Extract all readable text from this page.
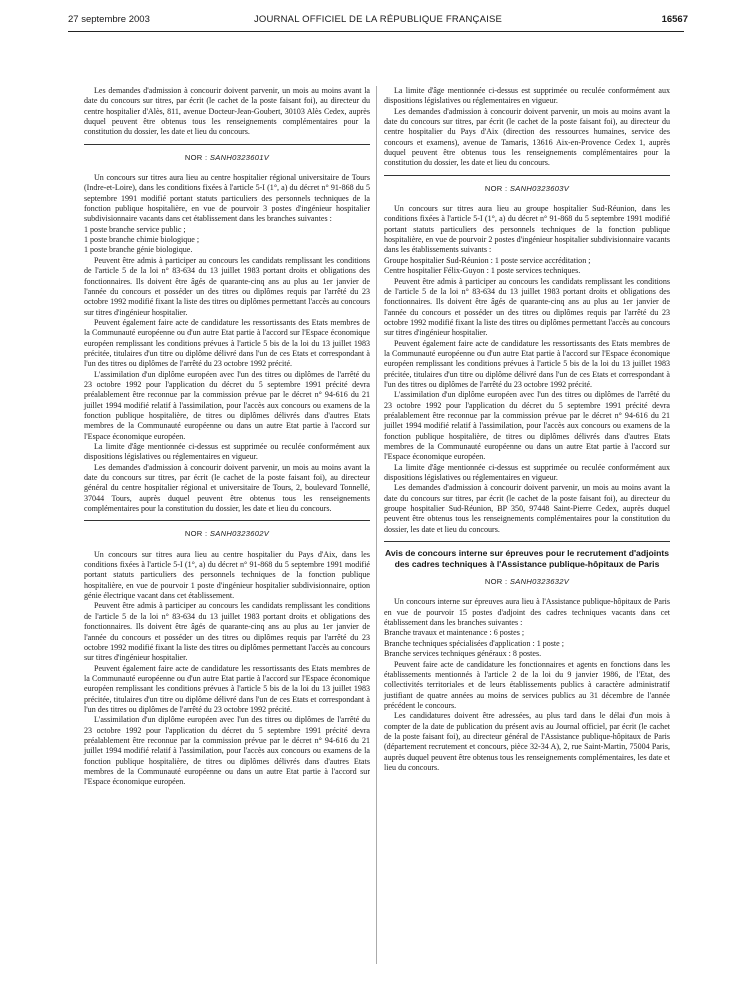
27 septembre 2003	JOURNAL OFFICIEL DE LA RÉPUBLIQUE FRANÇAISE	16567

Les demandes d'admission à concourir doivent parvenir, un mois au moins avant la date du concours sur titres, par écrit (le cachet de la poste faisant foi), au directeur du centre hospitalier d'Alès, 811, avenue Docteur-Jean-Goubert, 30103 Alès Cedex, auprès duquel peuvent être obtenus tous les renseignements complémentaires pour la constitution du dossier, les date et lieu du concours.

NOR : SANH0323601V

Un concours sur titres aura lieu au centre hospitalier régional universitaire de Tours (Indre-et-Loire), dans les conditions fixées à l'article 5-I (1°, a) du décret n° 91-868 du 5 septembre 1991 modifié portant statuts particuliers des personnels techniques de la fonction publique hospitalière, en vue de pourvoir 3 postes d'ingénieur hospitalier subdivisionnaire vacants dans cet établissement dans les branches suivantes :

1 poste branche service public ;

1 poste branche chimie biologique ;

1 poste branche génie biologique.

Peuvent être admis à participer au concours les candidats remplissant les conditions de l'article 5 de la loi n° 83-634 du 13 juillet 1983 portant droits et obligations des fonctionnaires. Ils doivent être âgés de quarante-cinq ans au plus au 1er janvier de l'année du concours et posséder un des titres ou diplômes requis par l'arrêté du 23 octobre 1992 modifié fixant la liste des titres ou diplômes permettant l'accès au concours sur titres d'ingénieur hospitalier.

Peuvent également faire acte de candidature les ressortissants des Etats membres de la Communauté européenne ou d'un autre Etat partie à l'accord sur l'Espace économique européen remplissant les conditions prévues à l'article 5 bis de la loi du 13 juillet 1983 précitée, titulaires d'un titre ou diplôme délivré dans l'un de ces Etats et correspondant à l'un des titres ou diplômes de l'arrêté du 23 octobre 1992 précité.

L'assimilation d'un diplôme européen avec l'un des titres ou diplômes de l'arrêté du 23 octobre 1992 pour l'application du décret du 5 septembre 1991 précité devra préalablement être reconnue par la commission prévue par le décret n° 94-616 du 21 juillet 1994 modifié relatif à l'assimilation, pour l'accès aux concours ou examens de la fonction publique hospitalière, de titres ou diplômes délivrés dans d'autres Etats membres de la Communauté européenne ou dans un autre Etat partie à l'accord sur l'Espace économique européen.

La limite d'âge mentionnée ci-dessus est supprimée ou reculée conformément aux dispositions législatives ou réglementaires en vigueur.

Les demandes d'admission à concourir doivent parvenir, un mois au moins avant la date du concours sur titres, par écrit (le cachet de la poste faisant foi), au directeur général du centre hospitalier régional et universitaire de Tours, 2, boulevard Tonnellé, 37044 Tours, auprès duquel peuvent être obtenus tous les renseignements complémentaires pour la constitution du dossier, les date et lieu du concours.

NOR : SANH0323602V

Un concours sur titres aura lieu au centre hospitalier du Pays d'Aix, dans les conditions fixées à l'article 5-I (1°, a) du décret n° 91-868 du 5 septembre 1991 modifié portant statuts particuliers des personnels techniques de la fonction publique hospitalière, en vue de pourvoir 1 poste d'ingénieur hospitalier subdivisionnaire, option génie électrique vacant dans cet établissement.

Peuvent être admis à participer au concours les candidats remplissant les conditions de l'article 5 de la loi n° 83-634 du 13 juillet 1983 portant droits et obligations des fonctionnaires. Ils doivent être âgés de quarante-cinq ans au plus au 1er janvier de l'année du concours et posséder un des titres ou diplômes requis par l'arrêté du 23 octobre 1992 modifié fixant la liste des titres ou diplômes permettant l'accès au concours sur titres d'ingénieur hospitalier.

Peuvent également faire acte de candidature les ressortissants des Etats membres de la Communauté européenne ou d'un autre Etat partie à l'accord sur l'Espace économique européen remplissant les conditions prévues à l'article 5 bis de la loi du 13 juillet 1983 précitée, titulaires d'un titre ou diplôme délivré dans l'un de ces Etats et correspondant à l'un des titres ou diplômes de l'arrêté du 23 octobre 1992 précité.

L'assimilation d'un diplôme européen avec l'un des titres ou diplômes de l'arrêté du 23 octobre 1992 pour l'application du décret du 5 septembre 1991 précité devra préalablement être reconnue par la commission prévue par le décret n° 94-616 du 21 juillet 1994 modifié relatif à l'assimilation, pour l'accès aux concours ou examens de la fonction publique hospitalière, de titres ou diplômes délivrés dans d'autres Etats membres de la Communauté européenne ou dans un autre Etat partie à l'accord sur l'Espace économique européen.

La limite d'âge mentionnée ci-dessus est supprimée ou reculée conformément aux dispositions législatives ou réglementaires en vigueur.

Les demandes d'admission à concourir doivent parvenir, un mois au moins avant la date du concours sur titres, par écrit (le cachet de la poste faisant foi), au directeur du centre hospitalier du Pays d'Aix (direction des ressources humaines, service des concours et examens), avenue de Tamaris, 13616 Aix-en-Provence Cedex 1, auprès duquel peuvent être obtenus tous les renseignements complémentaires pour la constitution du dossier, les date et lieu du concours.

NOR : SANH0323603V

Un concours sur titres aura lieu au groupe hospitalier Sud-Réunion, dans les conditions fixées à l'article 5-I (1°, a) du décret n° 91-868 du 5 septembre 1991 modifié portant statuts particuliers des personnels techniques de la fonction publique hospitalière, en vue de pourvoir 2 postes d'ingénieur hospitalier subdivisionnaire vacants dans les établissements suivants :

Groupe hospitalier Sud-Réunion : 1 poste service accréditation ;

Centre hospitalier Félix-Guyon : 1 poste services techniques.

Peuvent être admis à participer au concours les candidats remplissant les conditions de l'article 5 de la loi n° 83-634 du 13 juillet 1983 portant droits et obligations des fonctionnaires. Ils doivent être âgés de quarante-cinq ans au plus au 1er janvier de l'année du concours et posséder un des titres ou diplômes requis par l'arrêté du 23 octobre 1992 modifié fixant la liste des titres ou diplômes permettant l'accès au concours sur titres d'ingénieur hospitalier.

Peuvent également faire acte de candidature les ressortissants des Etats membres de la Communauté européenne ou d'un autre Etat partie à l'accord sur l'Espace économique européen remplissant les conditions prévues à l'article 5 bis de la loi du 13 juillet 1983 précitée, titulaires d'un titre ou diplôme délivré dans l'un de ces Etats et correspondant à l'un des titres ou diplômes de l'arrêté du 23 octobre 1992 précité.

L'assimilation d'un diplôme européen avec l'un des titres ou diplômes de l'arrêté du 23 octobre 1992 pour l'application du décret du 5 septembre 1991 précité devra préalablement être reconnue par la commission prévue par le décret n° 94-616 du 21 juillet 1994 modifié relatif à l'assimilation, pour l'accès aux concours ou examens de la fonction publique hospitalière, de titres ou diplômes délivrés dans d'autres Etats membres de la Communauté européenne ou dans un autre Etat partie à l'accord sur l'Espace économique européen.

La limite d'âge mentionnée ci-dessus est supprimée ou reculée conformément aux dispositions législatives ou réglementaires en vigueur.

Les demandes d'admission à concourir doivent parvenir, un mois au moins avant la date du concours sur titres, par écrit (le cachet de la poste faisant foi), au directeur du groupe hospitalier Sud-Réunion, BP 350, 97448 Saint-Pierre Cedex, auprès duquel peuvent être obtenus tous les renseignements complémentaires pour la constitution du dossier, les date et lieu du concours.

Avis de concours interne sur épreuves pour le recrutement d'adjoints des cadres techniques à l'Assistance publique-hôpitaux de Paris
NOR : SANH0323632V

Un concours interne sur épreuves aura lieu à l'Assistance publique-hôpitaux de Paris en vue de pourvoir 15 postes d'adjoint des cadres techniques vacants dans cet établissement dans les branches suivantes :

Branche travaux et maintenance : 6 postes ;

Branche techniques spécialisées d'application : 1 poste ;

Branche services techniques généraux : 8 postes.

Peuvent faire acte de candidature les fonctionnaires et agents en fonctions dans les établissements mentionnés à l'article 2 de la loi du 9 janvier 1986, de l'Etat, des collectivités territoriales et de leurs établissements publics à caractère administratif justifiant de quatre années au moins de services publics au 31 décembre de l'année précédent le concours.

Les candidatures doivent être adressées, au plus tard dans le délai d'un mois à compter de la date de publication du présent avis au Journal officiel, par écrit (le cachet de la poste faisant foi), au directeur général de l'Assistance publique-hôpitaux de Paris (département recrutement et concours, pièce 32-34 A), 2, rue Saint-Martin, 75004 Paris, auprès duquel peuvent être obtenus tous les renseignements complémentaires, les date et lieu du concours.
